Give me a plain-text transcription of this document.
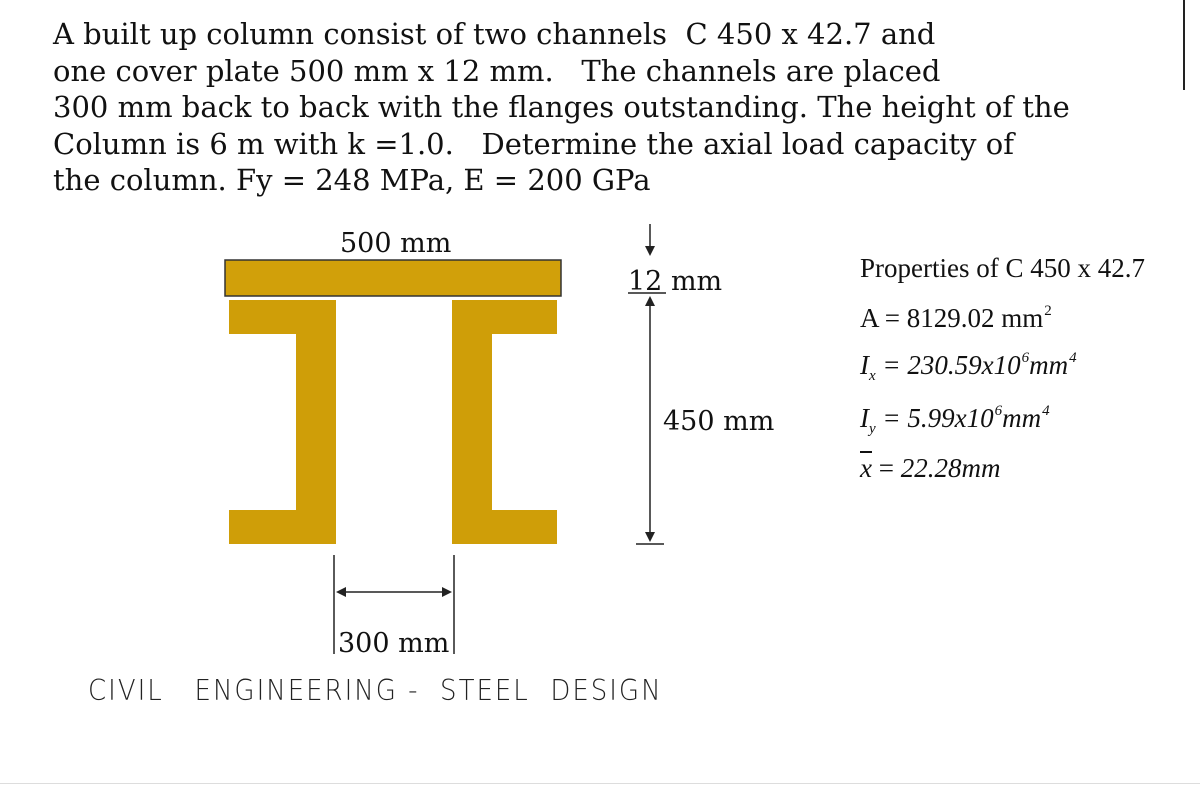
A built up column consist of two channels  C 450 x 42.7 and
one cover plate 500 mm x 12 mm.   The channels are placed
300 mm back to back with the flanges outstanding. The height of the
Column is 6 m with k =1.0.   Determine the axial load capacity of
the column. Fy = 248 MPa, E = 200 GPa
500 mm
12 mm
450 mm
300 mm
Properties of C 450 x 42.7
A = 8129.02 $mm^2$
$I_x = 230.59x10^6mm^4$
$I_y = 5.99x10^6mm^4$
$\overline{x} = 22.28mm$
CIVIL   ENGINEERING -  STEEL  DESIGN
